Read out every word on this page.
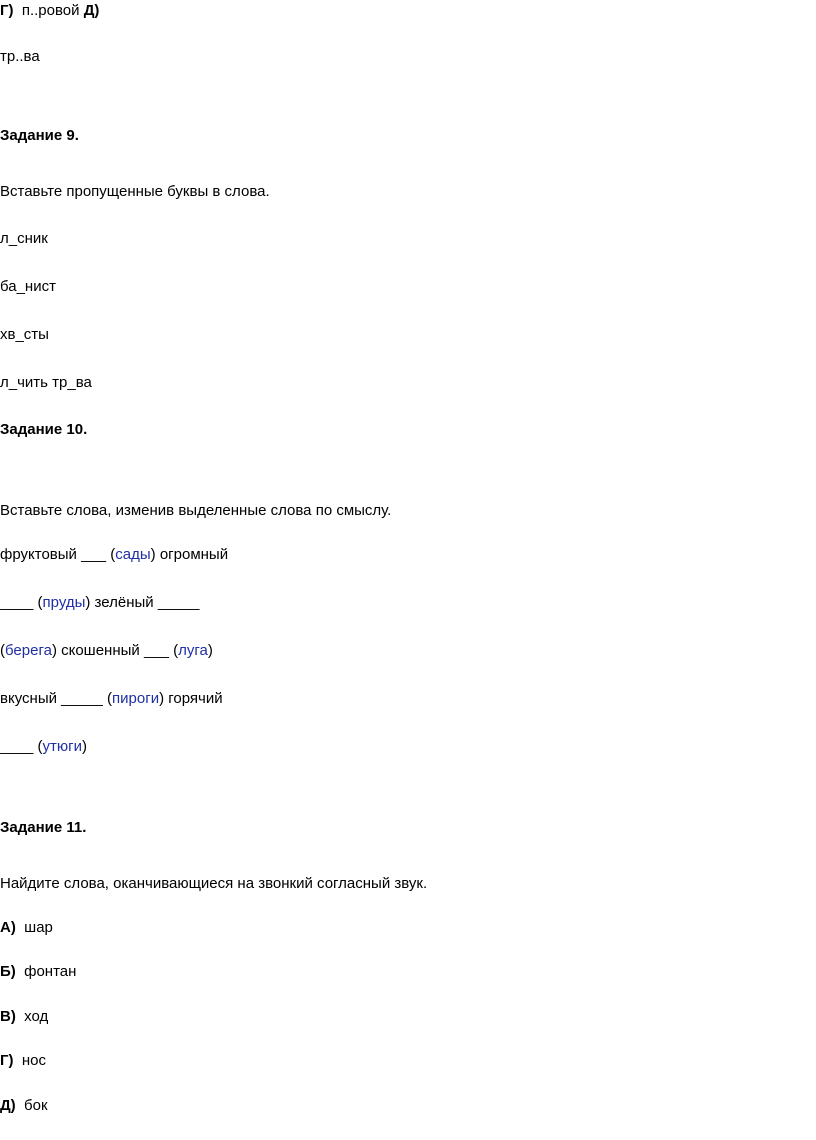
Г) п..ровой Д)
тр..ва
Задание 9.
Вставьте пропущенные буквы в слова.
л_сник
ба_нист
хв_сты
л_чить тр_ва
Задание 10.
Вставьте слова, изменив выделенные слова по смыслу.
фруктовый ___ (сады) огромный
____ (пруды) зелёный _____
(берега) скошенный ___ (луга)
вкусный _____ (пироги) горячий
____ (утюги)
Задание 11.
Найдите слова, оканчивающиеся на звонкий согласный звук.
А) шар
Б) фонтан
В) ход
Г) нос
Д) бок
